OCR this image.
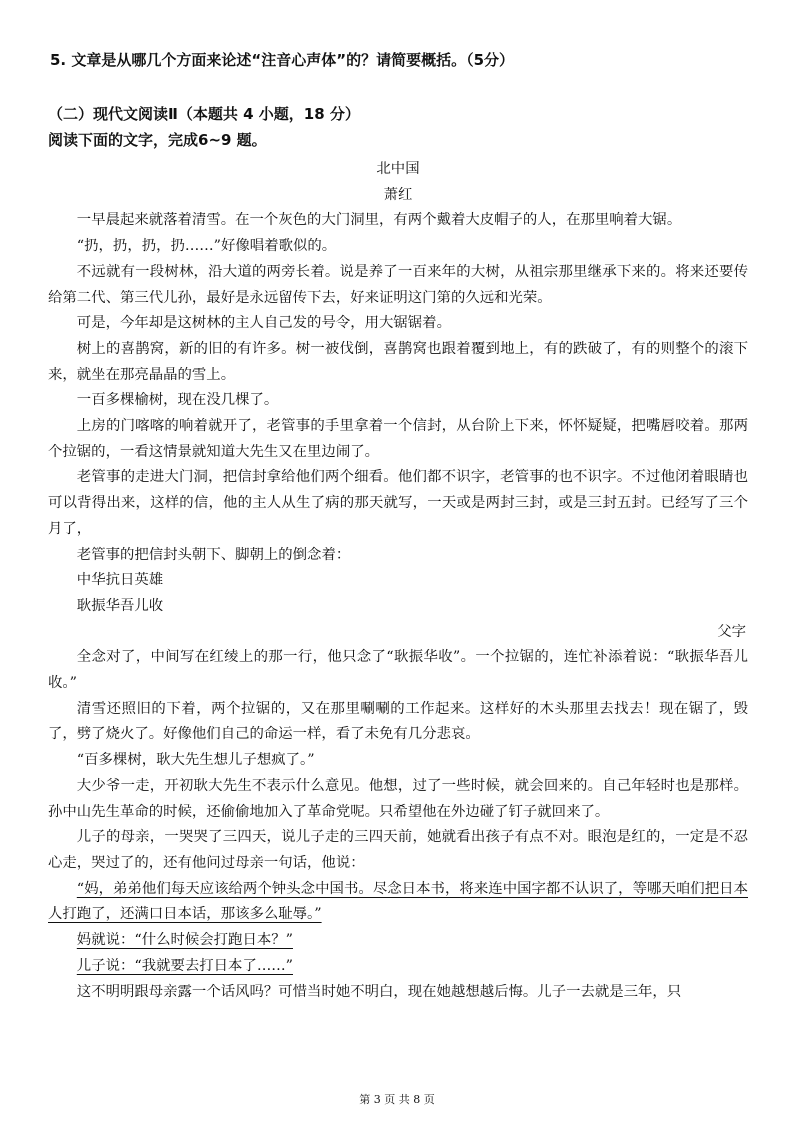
5. 文章是从哪几个方面来论述“注音心声体”的？请简要概括。（5分）
（二）现代文阅读Ⅱ（本题共 4 小题，18 分）
阅读下面的文字，完成6~9 题。
北中国
萧红
一早晨起来就落着清雪。在一个灰色的大门洞里，有两个戴着大皮帽子的人，在那里响着大锯。
“扔，扔，扔，扔……”好像唱着歌似的。
不远就有一段树林，沿大道的两旁长着。说是养了一百来年的大树，从祖宗那里继承下来的。将来还要传给第二代、第三代儿孙，最好是永远留传下去，好来证明这门第的久远和光荣。
可是，今年却是这树林的主人自己发的号令，用大锯锯着。
树上的喜鹊窝，新的旧的有许多。树一被伐倒，喜鹊窝也跟着覆到地上，有的跌破了，有的则整个的滚下来，就坐在那亮晶晶的雪上。
一百多棵榆树，现在没几棵了。
上房的门喀喀的响着就开了，老管事的手里拿着一个信封，从台阶上下来，怀怀疑疑，把嘴唇咬着。那两个拉锯的，一看这情景就知道大先生又在里边闹了。
老管事的走进大门洞，把信封拿给他们两个细看。他们都不识字，老管事的也不识字。不过他闭着眼睛也可以背得出来，这样的信，他的主人从生了病的那天就写，一天或是两封三封，或是三封五封。已经写了三个月了，
老管事的把信封头朝下、脚朝上的倒念着：
中华抗日英雄
耿振华吾儿收
父字
全念对了，中间写在红绫上的那一行，他只念了“耿振华收”。一个拉锯的，连忙补添着说：“耿振华吾儿收。”
清雪还照旧的下着，两个拉锯的，又在那里唰唰的工作起来。这样好的木头那里去找去！现在锯了，毁了，劈了烧火了。好像他们自己的命运一样，看了未免有几分悲哀。
“百多棵树，耿大先生想儿子想疯了。”
大少爷一走，开初耿大先生不表示什么意见。他想，过了一些时候，就会回来的。自己年轻时也是那样。孙中山先生革命的时候，还偷偷地加入了革命党呢。只希望他在外边碰了钉子就回来了。
儿子的母亲，一哭哭了三四天，说儿子走的三四天前，她就看出孩子有点不对。眼泡是红的，一定是不忍心走，哭过了的，还有他问过母亲一句话，他说：
“妈，弟弟他们每天应该给两个钟头念中国书。尽念日本书，将来连中国字都不认识了，等哪天咱们把日本人打跑了，还满口日本话，那该多么耻辱。”
妈就说：“什么时候会打跑日本？”
儿子说：“我就要去打日本了……”
这不明明跟母亲露一个话风吗？可惜当时她不明白，现在她越想越后悔。儿子一去就是三年，只
第 3 页 共 8 页
